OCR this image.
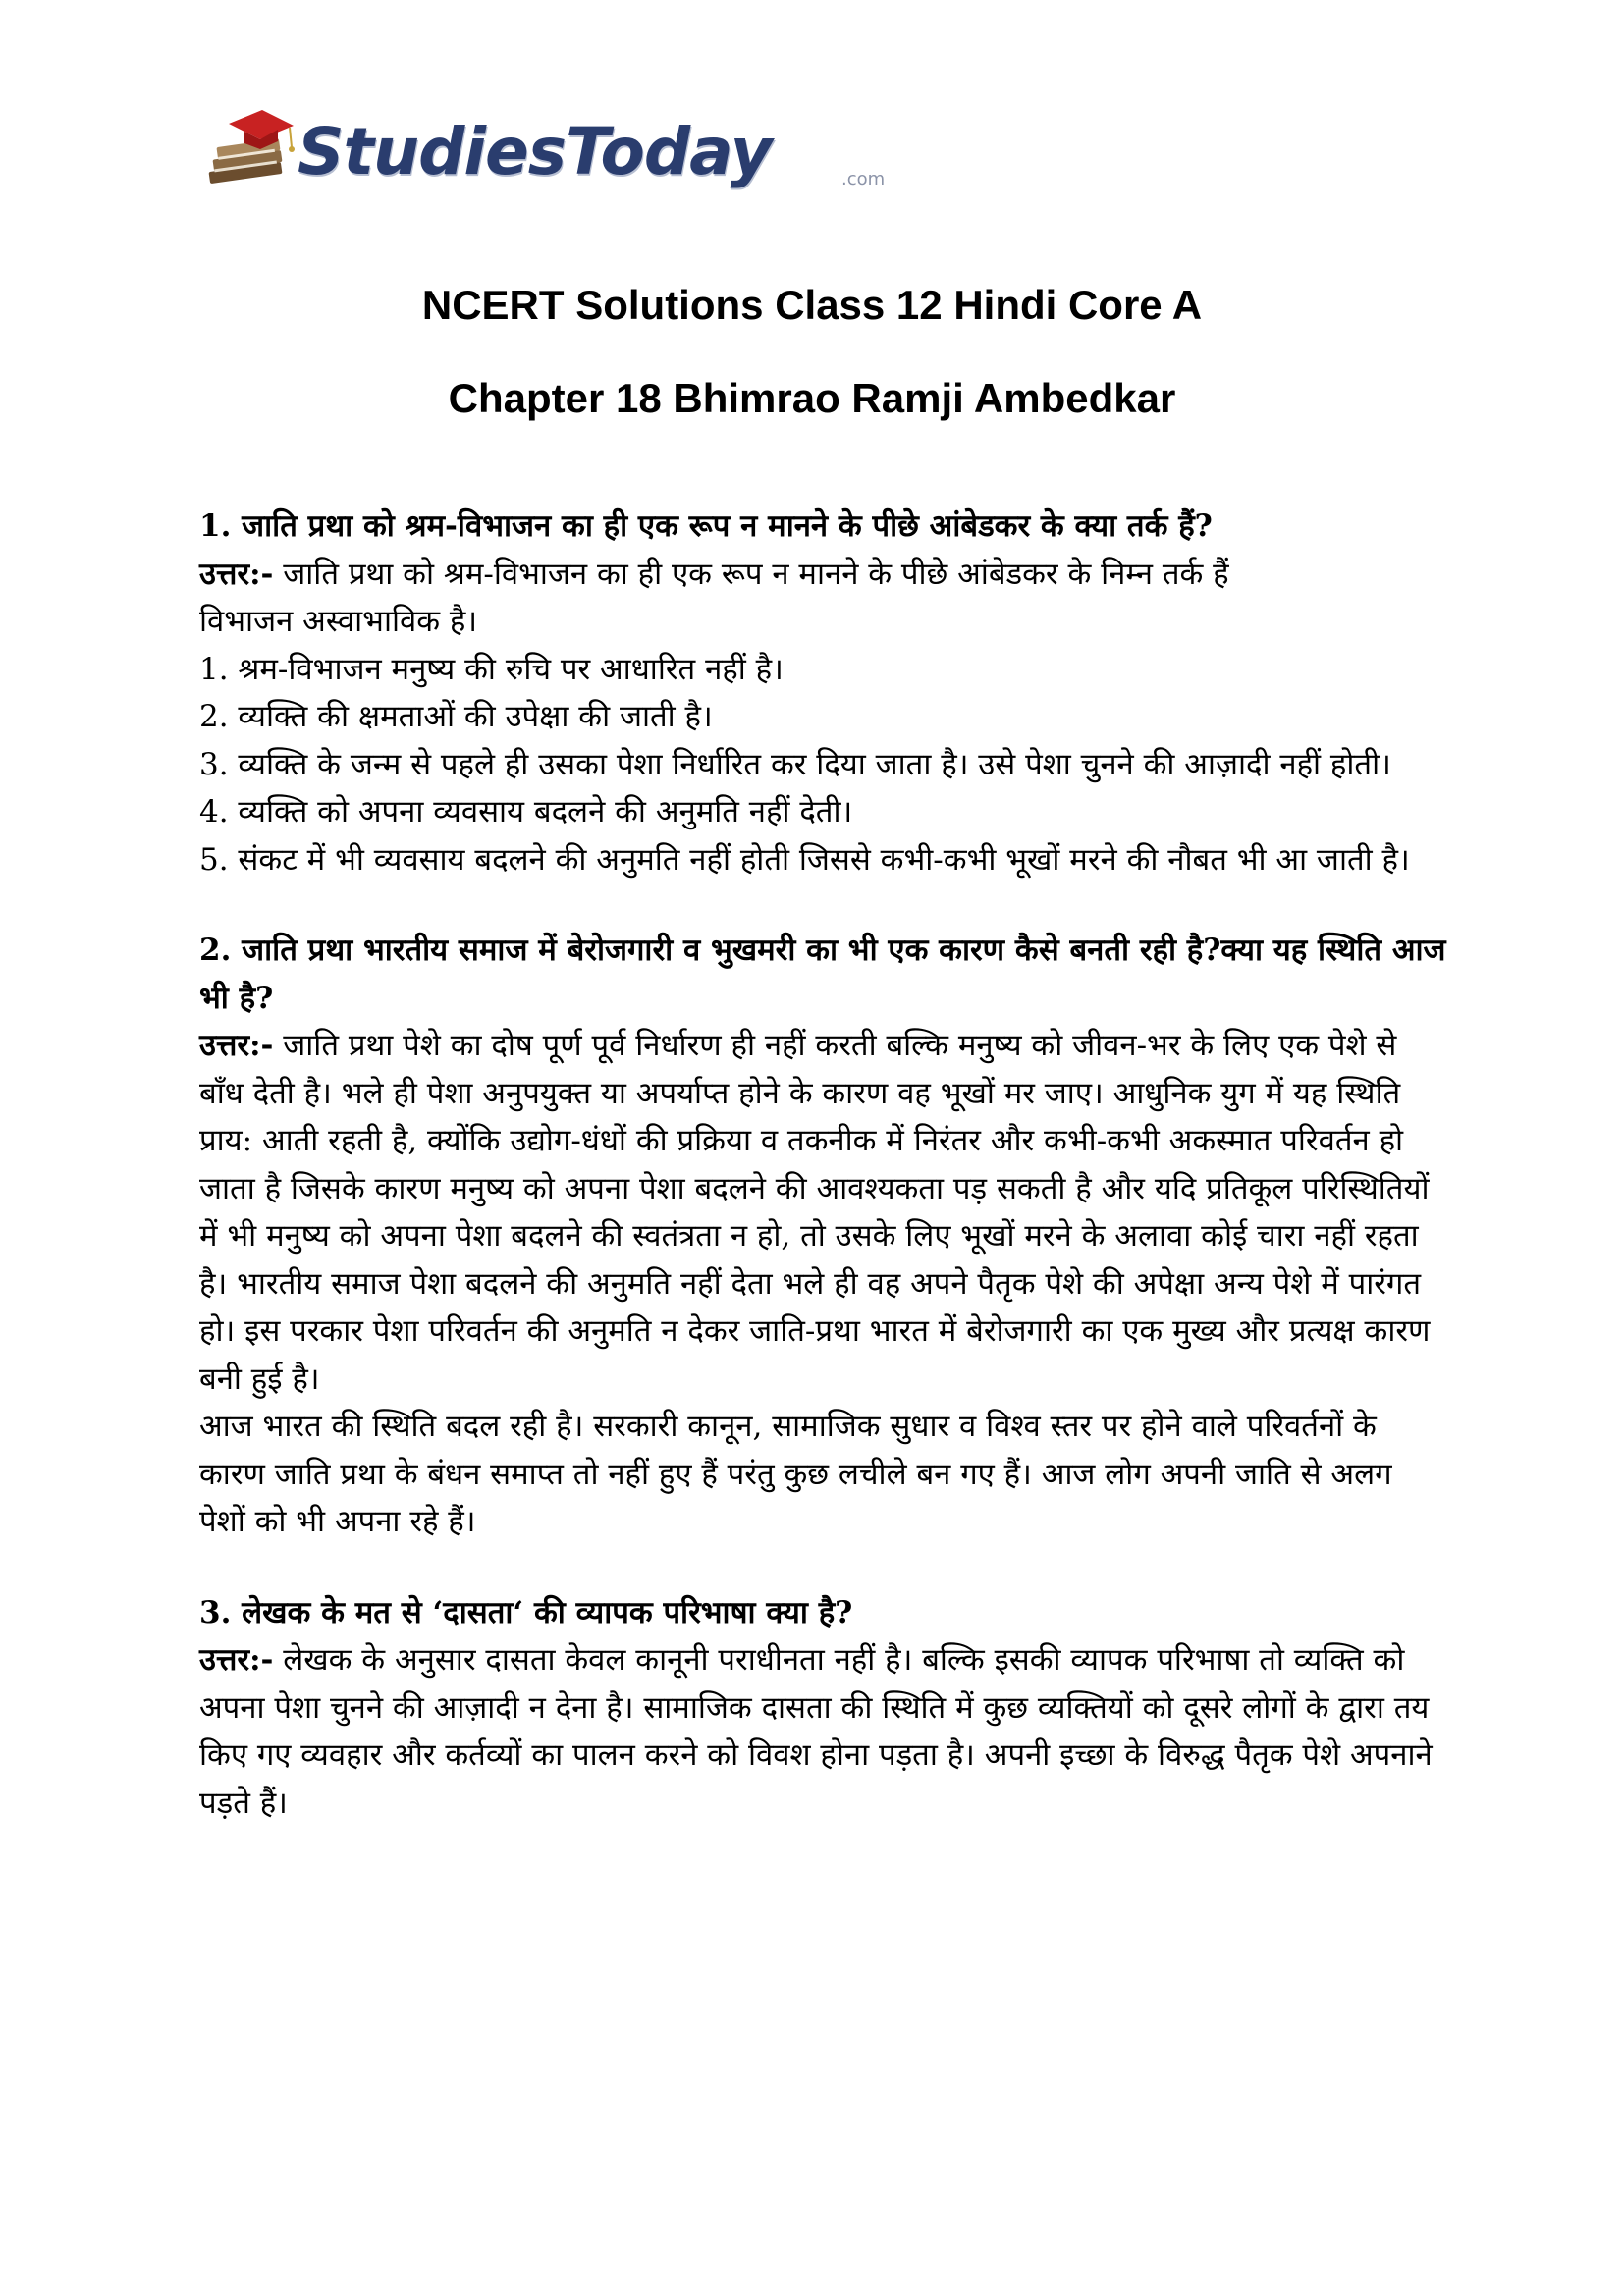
StudiesToday	.com
NCERT Solutions Class 12 Hindi Core A
Chapter 18 Bhimrao Ramji Ambedkar

1. जाति प्रथा को श्रम-विभाजन का ही एक रूप न मानने के पीछे आंबेडकर के क्या तर्क हैं?

उत्तर:- जाति प्रथा को श्रम-विभाजन का ही एक रूप न मानने के पीछे आंबेडकर के निम्न तर्क हैं

विभाजन अस्वाभाविक है।

1. श्रम-विभाजन मनुष्य की रुचि पर आधारित नहीं है।

2. व्यक्ति की क्षमताओं की उपेक्षा की जाती है।

3. व्यक्ति के जन्म से पहले ही उसका पेशा निर्धारित कर दिया जाता है। उसे पेशा चुनने की आज़ादी नहीं होती।

4. व्यक्ति को अपना व्यवसाय बदलने की अनुमति नहीं देती।

5. संकट में भी व्यवसाय बदलने की अनुमति नहीं होती जिससे कभी-कभी भूखों मरने की नौबत भी आ जाती है।

2. जाति प्रथा भारतीय समाज में बेरोजगारी व भुखमरी का भी एक कारण कैसे बनती रही है?क्या यह स्थिति आज भी है?

उत्तर:- जाति प्रथा पेशे का दोष पूर्ण पूर्व निर्धारण ही नहीं करती बल्कि मनुष्य को जीवन-भर के लिए एक पेशे से बाँध देती है। भले ही पेशा अनुपयुक्त या अपर्याप्त होने के कारण वह भूखों मर जाए। आधुनिक युग में यह स्थिति प्राय: आती रहती है, क्योंकि उद्योग-धंधों की प्रक्रिया व तकनीक में निरंतर और कभी-कभी अकस्मात परिवर्तन हो जाता है जिसके कारण मनुष्य को अपना पेशा बदलने की आवश्यकता पड़ सकती है और यदि प्रतिकूल परिस्थितियों में भी मनुष्य को अपना पेशा बदलने की स्वतंत्रता न हो, तो उसके लिए भूखों मरने के अलावा कोई चारा नहीं रहता है। भारतीय समाज पेशा बदलने की अनुमति नहीं देता भले ही वह अपने पैतृक पेशे की अपेक्षा अन्य पेशे में पारंगत हो। इस परकार पेशा परिवर्तन की अनुमति न देकर जाति-प्रथा भारत में बेरोजगारी का एक मुख्य और प्रत्यक्ष कारण बनी हुई है।

आज भारत की स्थिति बदल रही है। सरकारी कानून, सामाजिक सुधार व विश्व स्तर पर होने वाले परिवर्तनों के कारण जाति प्रथा के बंधन समाप्त तो नहीं हुए हैं परंतु कुछ लचीले बन गए हैं। आज लोग अपनी जाति से अलग पेशों को भी अपना रहे हैं।

3. लेखक के मत से ‘दासता‘ की व्यापक परिभाषा क्या है?

उत्तर:- लेखक के अनुसार दासता केवल कानूनी पराधीनता नहीं है। बल्कि इसकी व्यापक परिभाषा तो व्यक्ति को अपना पेशा चुनने की आज़ादी न देना है। सामाजिक दासता की स्थिति में कुछ व्यक्तियों को दूसरे लोगों के द्वारा तय किए गए व्यवहार और कर्तव्यों का पालन करने को विवश होना पड़ता है। अपनी इच्छा के विरुद्ध पैतृक पेशे अपनाने पड़ते हैं।
